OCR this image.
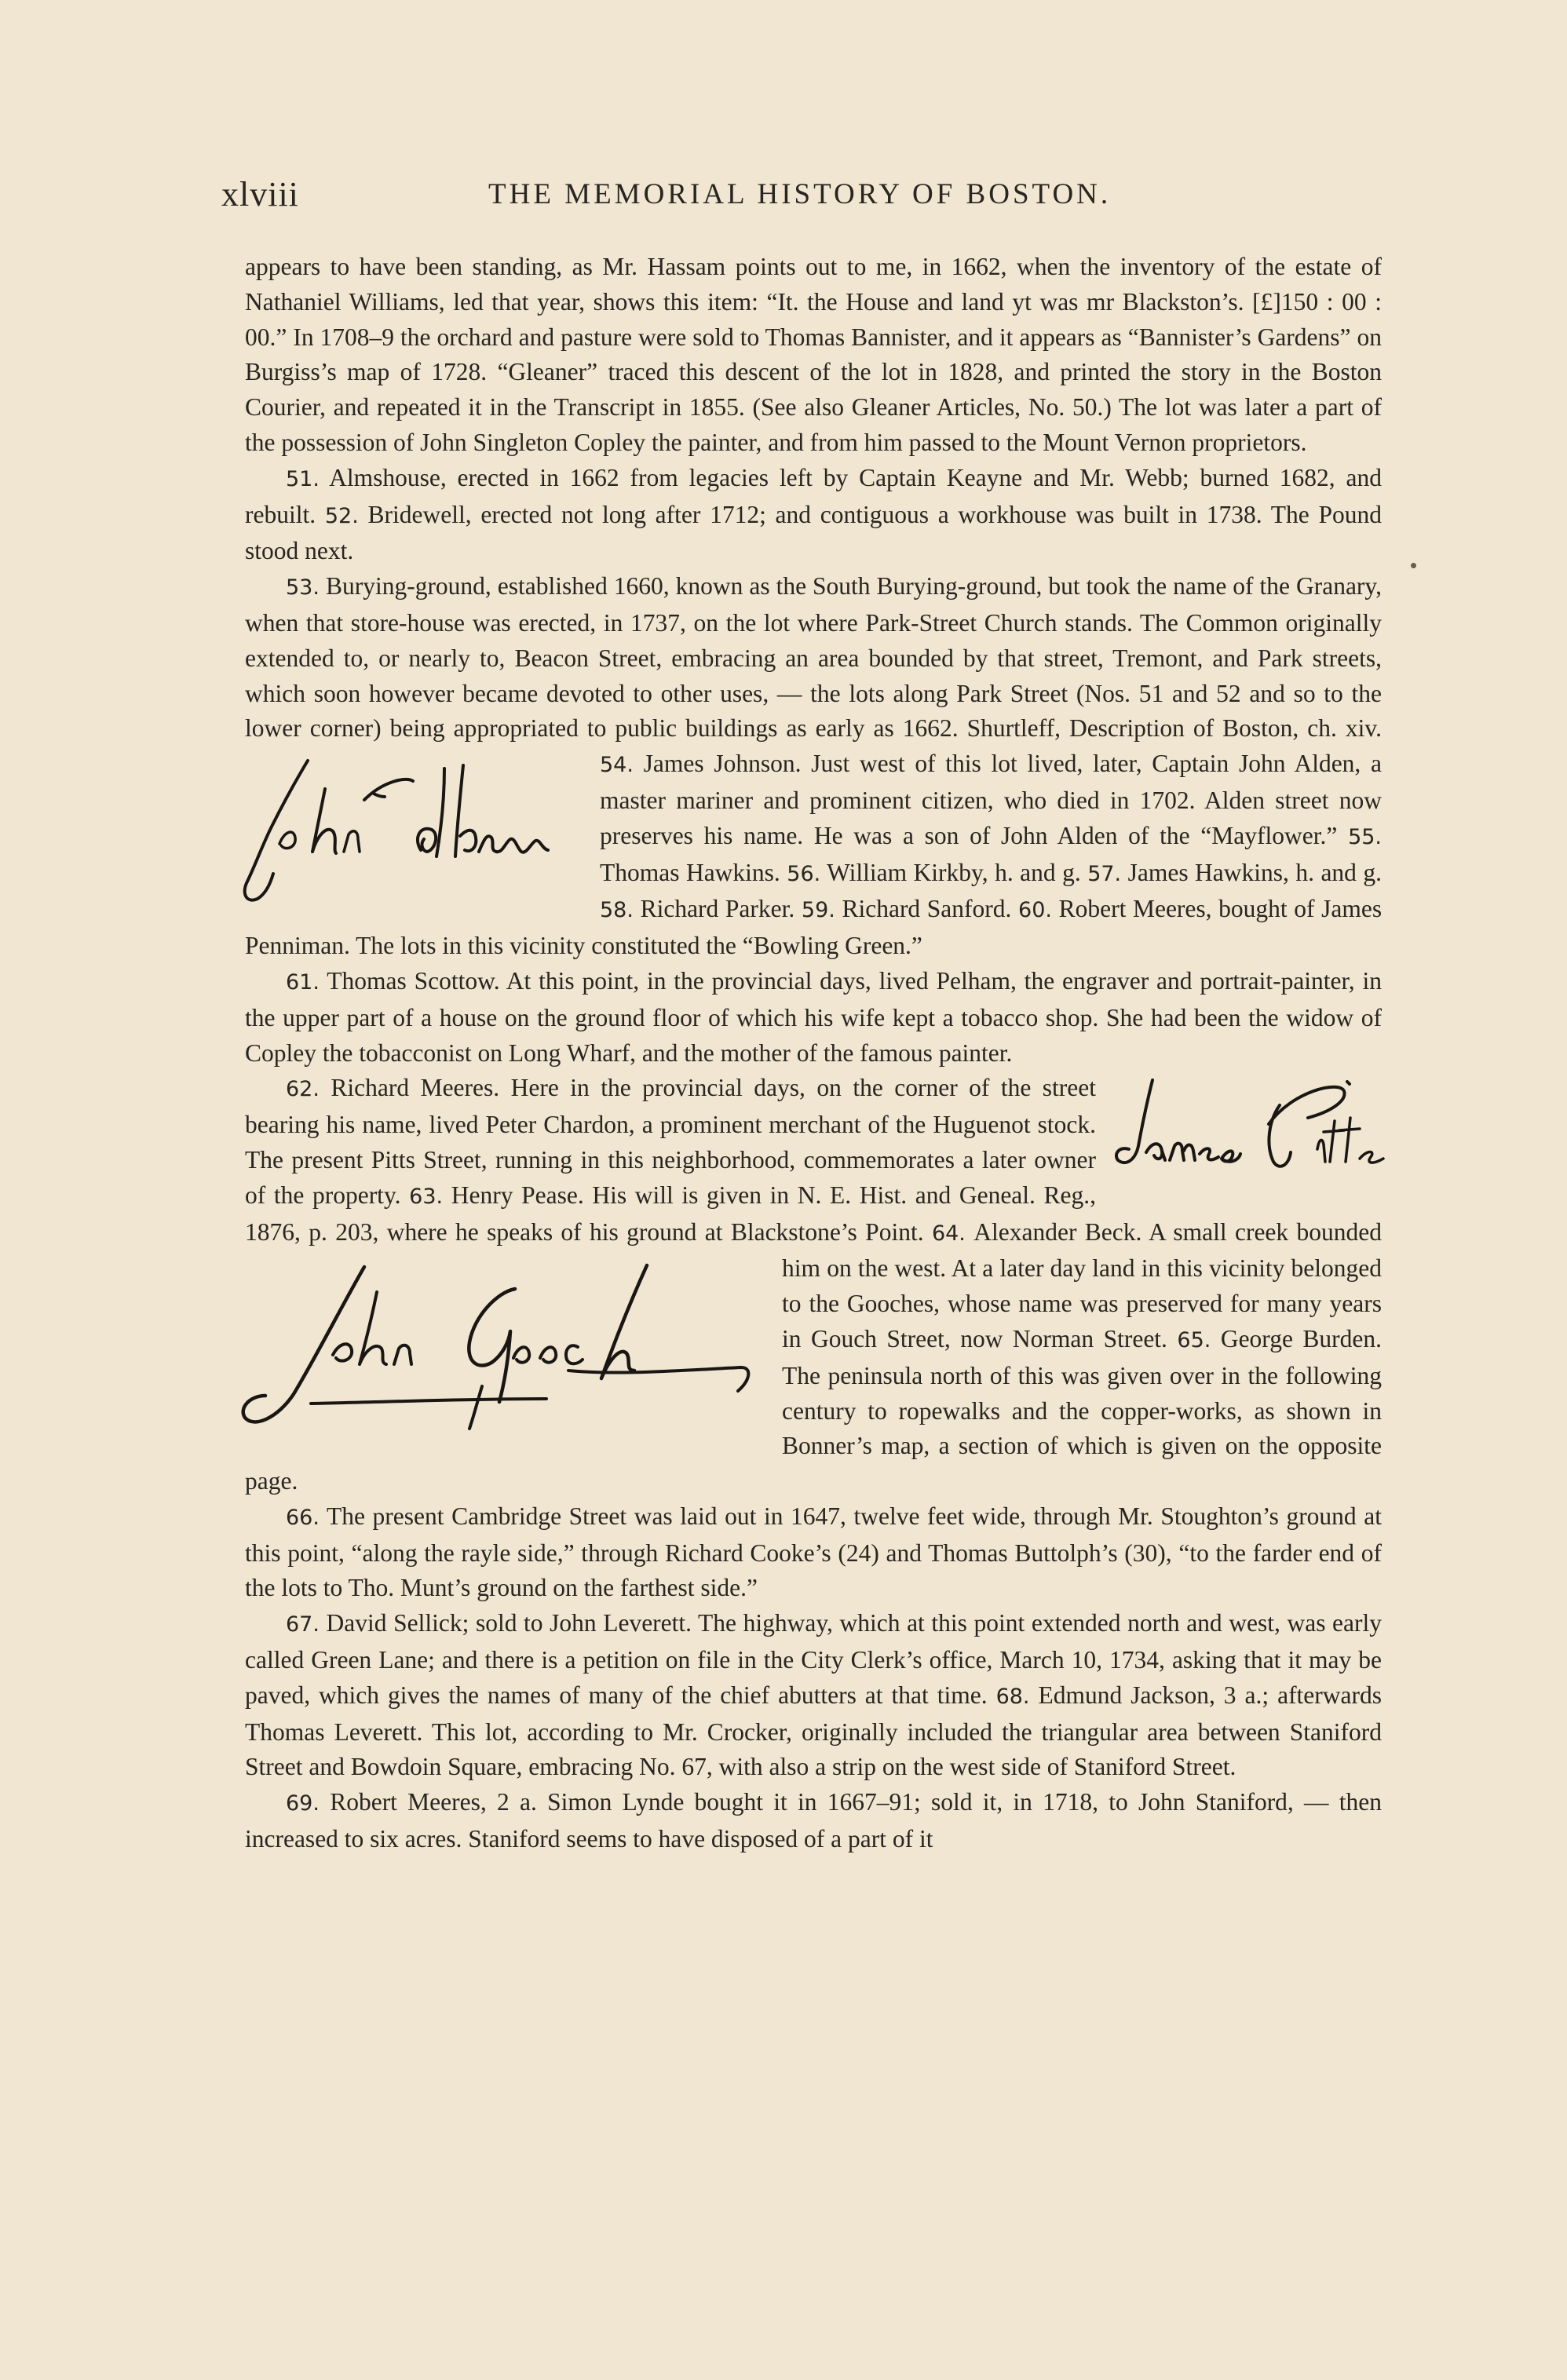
xlviii	THE MEMORIAL HISTORY OF BOSTON.

appears to have been standing, as Mr. Hassam points out to me, in 1662, when the inventory of the estate of Nathaniel Williams, led that year, shows this item: “It. the House and land yt was mr Blackston’s. [£]150 : 00 : 00.” In 1708–9 the orchard and pasture were sold to Thomas Bannister, and it appears as “Bannister’s Gardens” on Burgiss’s map of 1728. “Gleaner” traced this descent of the lot in 1828, and printed the story in the Boston Courier, and repeated it in the Transcript in 1855. (See also Gleaner Articles, No. 50.) The lot was later a part of the possession of John Singleton Copley the painter, and from him passed to the Mount Vernon proprietors.

51. Almshouse, erected in 1662 from legacies left by Captain Keayne and Mr. Webb; burned 1682, and rebuilt. 52. Bridewell, erected not long after 1712; and contiguous a workhouse was built in 1738. The Pound stood next.

53. Burying-ground, established 1660, known as the South Burying-ground, but took the name of the Granary, when that store-house was erected, in 1737, on the lot where Park-Street Church stands. The Common originally extended to, or nearly to, Beacon Street, embracing an area bounded by that street, Tremont, and Park streets, which soon however became devoted to other uses, — the lots along Park Street (Nos. 51 and 52 and so to the lower corner) being appropriated to public buildings as early as 1662. Shurtleff, Description of Boston, ch. xiv. 54. James Johnson. Just west of this lot lived, later, Captain John Alden, a master mariner and prominent citizen, who died in 1702. Alden street now preserves his name. He was a son of John Alden of the “Mayflower.” 55. Thomas Hawkins. 56. William Kirkby, h. and g. 57. James Hawkins, h. and g. 58. Richard Parker. 59. Richard Sanford. 60. Robert Meeres, bought of James Penniman. The lots in this vicinity constituted the “Bowling Green.”

61. Thomas Scottow. At this point, in the provincial days, lived Pelham, the engraver and portrait-painter, in the upper part of a house on the ground floor of which his wife kept a tobacco shop. She had been the widow of Copley the tobacconist on Long Wharf, and the mother of the famous painter.

62. Richard Meeres. Here in the provincial days, on the corner of the street bearing his name, lived Peter Chardon, a prominent merchant of the Huguenot stock. The present Pitts Street, running in this neighborhood, commemorates a later owner of the property. 63. Henry Pease. His will is given in N. E. Hist. and Geneal. Reg., 1876, p. 203, where he speaks of his ground at Blackstone’s Point. 64. Alexander Beck. A small creek bounded him on the west. At a later day land in this vicinity belonged to the Gooches, whose name was preserved for many years in Gouch Street, now Norman Street. 65. George Burden. The peninsula north of this was given over in the following century to ropewalks and the copper-works, as shown in Bonner’s map, a section of which is given on the opposite page.

66. The present Cambridge Street was laid out in 1647, twelve feet wide, through Mr. Stoughton’s ground at this point, “along the rayle side,” through Richard Cooke’s (24) and Thomas Buttolph’s (30), “to the farder end of the lots to Tho. Munt’s ground on the farthest side.”

67. David Sellick; sold to John Leverett. The highway, which at this point extended north and west, was early called Green Lane; and there is a petition on file in the City Clerk’s office, March 10, 1734, asking that it may be paved, which gives the names of many of the chief abutters at that time. 68. Edmund Jackson, 3 a.; afterwards Thomas Leverett. This lot, according to Mr. Crocker, originally included the triangular area between Staniford Street and Bowdoin Square, embracing No. 67, with also a strip on the west side of Staniford Street.

69. Robert Meeres, 2 a. Simon Lynde bought it in 1667–91; sold it, in 1718, to John Staniford, — then increased to six acres. Staniford seems to have disposed of a part of it
